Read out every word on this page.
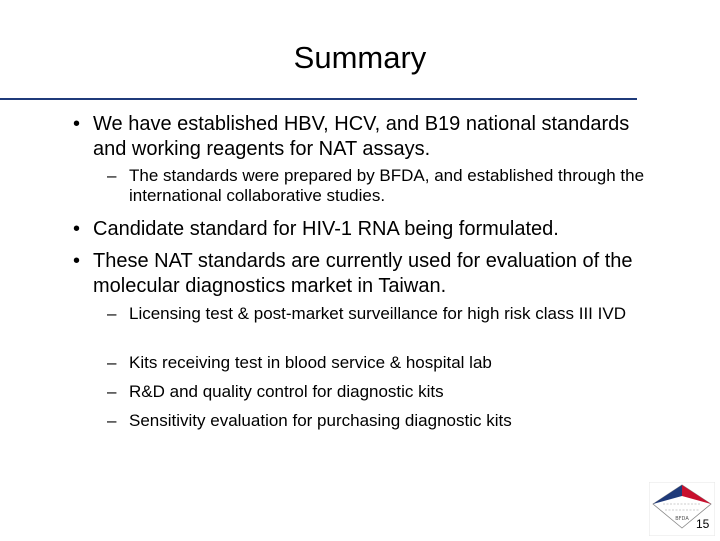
Summary

• We have established HBV, HCV, and B19 national standards and working reagents for NAT assays.

– The standards were prepared by BFDA, and established through the international collaborative studies.

• Candidate standard for HIV-1 RNA being formulated.

• These NAT standards are currently used for evaluation of the molecular diagnostics market in Taiwan.

– Licensing test & post-market surveillance for high risk class III IVD

– Kits receiving test in blood service & hospital lab

– R&D and quality control for diagnostic kits

– Sensitivity evaluation for purchasing diagnostic kits

BFDA 15
